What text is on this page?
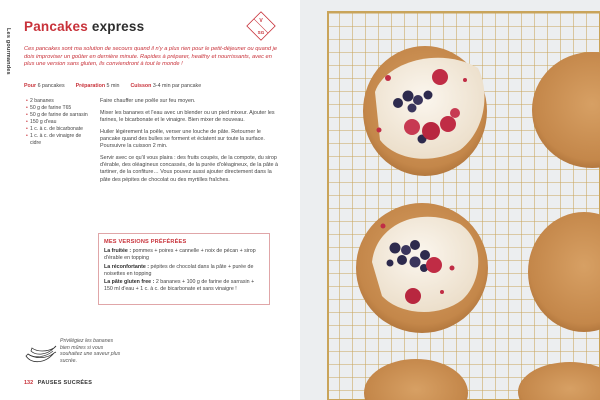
Les gourmandes
Pancakes express	V
SG
Ces pancakes sont ma solution de secours quand il n'y a plus rien pour le petit-déjeuner ou quand je dois improviser un goûter en dernière minute. Rapides à préparer, healthy et nourrissants, avec en plus une version sans gluten, ils conviendront à tout le monde !
Pour 6 pancakes Préparation 5 min Cuisson 3-4 min par pancake
• 2 bananes
• 50 g de farine T65
• 50 g de farine de sarrasin
• 150 g d'eau
• 1 c. à c. de bicarbonate
• 1 c. à c. de vinaigre de cidre

Faire chauffer une poêle sur feu moyen.

Mixer les bananes et l'eau avec un blender ou un pied mixeur. Ajouter les farines, le bicarbonate et le vinaigre. Bien mixer de nouveau.

Huiler légèrement la poêle, verser une louche de pâte. Retourner le pancake quand des bulles se forment et éclatent sur toute la surface. Poursuivre la cuisson 2 min.

Servir avec ce qu'il vous plaira : des fruits coupés, de la compote, du sirop d'érable, des oléagineux concassés, de la purée d'oléagineux, de la pâte à tartiner, de la confiture… Vous pouvez aussi ajouter directement dans la pâte des pépites de chocolat ou des myrtilles fraîches.

MES VERSIONS PRÉFÉRÉES

La fruitée : pommes + poires + cannelle + noix de pécan + sirop d'érable en topping

La réconfortante : pépites de chocolat dans la pâte + purée de noisettes en topping

La pâte gluten free : 2 bananes + 100 g de farine de sarrasin + 150 ml d'eau + 1 c. à c. de bicarbonate et sans vinaigre !

Privilégiez les bananes bien mûres si vous souhaitez une saveur plus sucrée.
132 PAUSES SUCRÉES
